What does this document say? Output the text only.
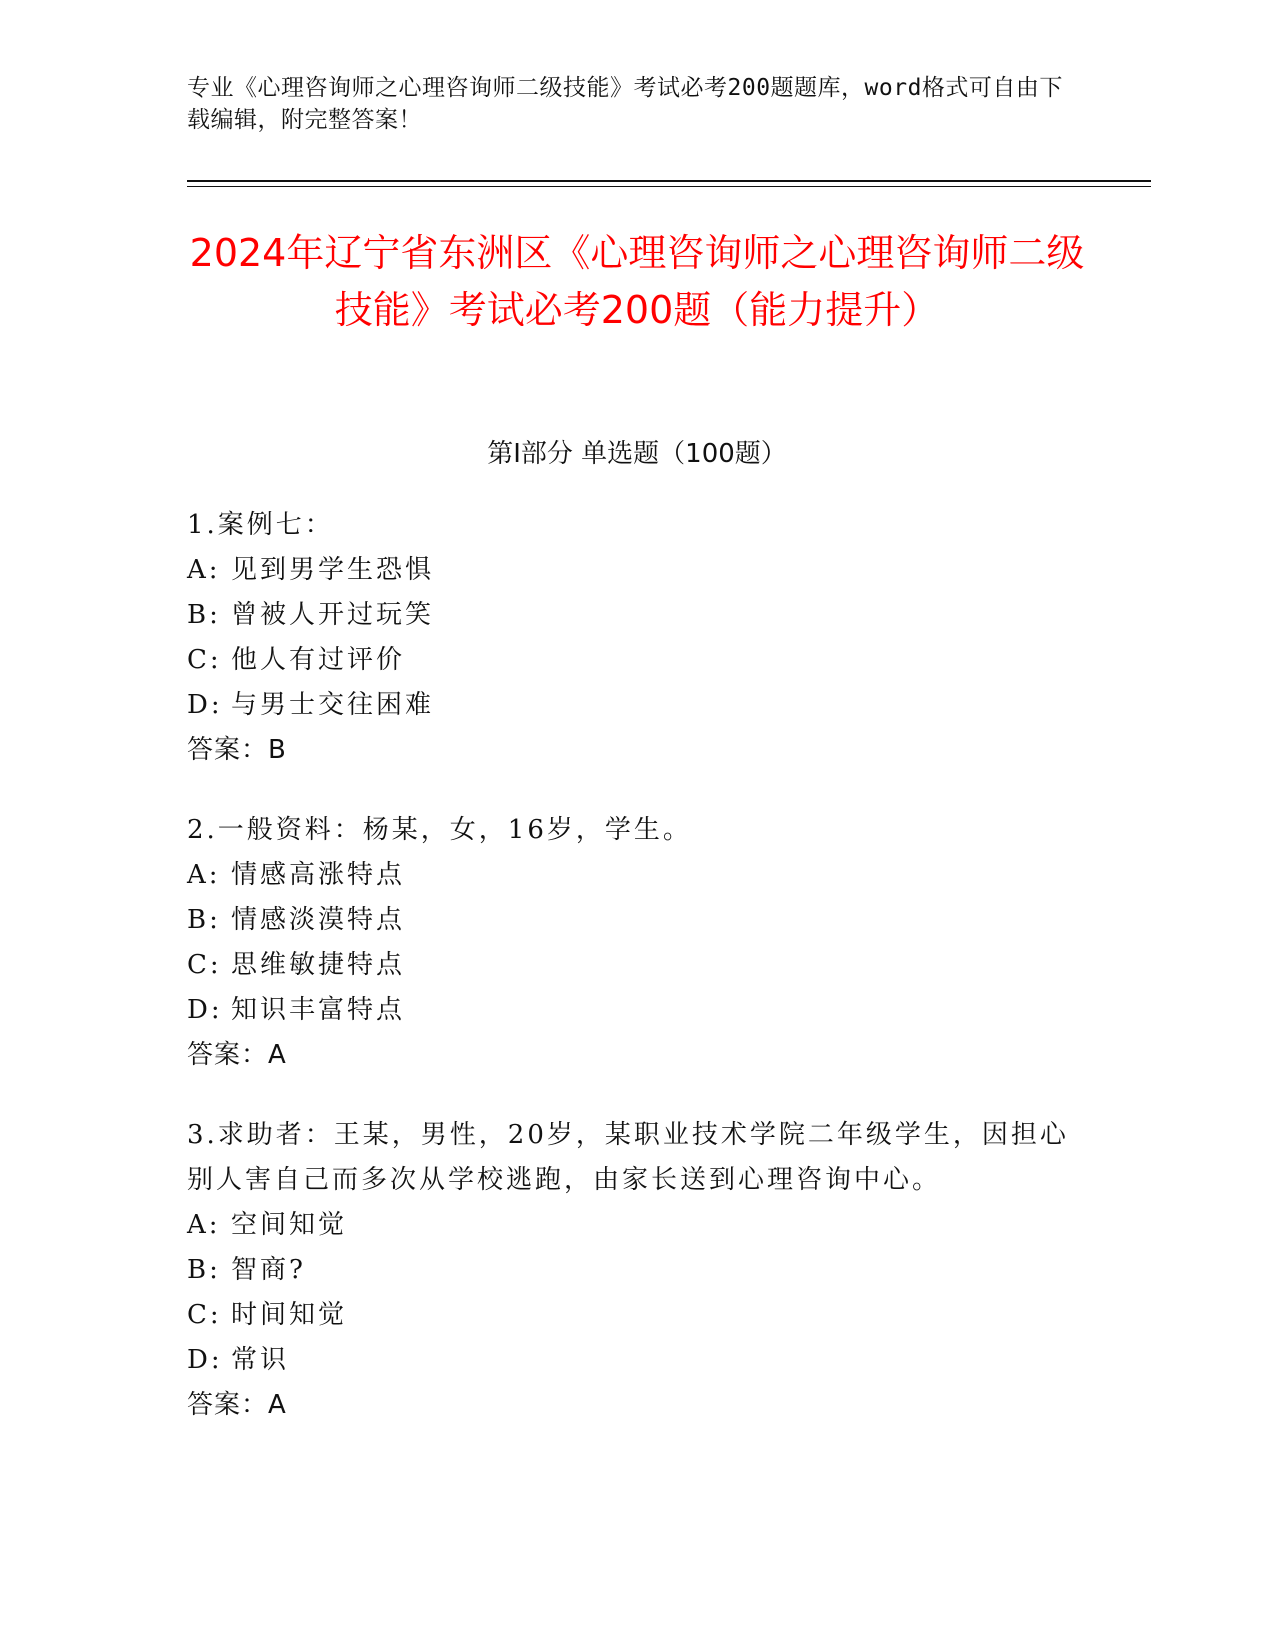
专业《心理咨询师之心理咨询师二级技能》考试必考200题题库，word格式可自由下载编辑，附完整答案！
2024年辽宁省东洲区《心理咨询师之心理咨询师二级技能》考试必考200题（能力提升）
第I部分 单选题（100题）
1.案例七：
A: 见到男学生恐惧
B: 曾被人开过玩笑
C: 他人有过评价
D: 与男士交往困难
答案：B
2.一般资料：杨某，女，16岁，学生。
A: 情感高涨特点
B: 情感淡漠特点
C: 思维敏捷特点
D: 知识丰富特点
答案：A
3.求助者：王某，男性，20岁，某职业技术学院二年级学生，因担心别人害自己而多次从学校逃跑，由家长送到心理咨询中心。
A: 空间知觉
B: 智商?
C: 时间知觉
D: 常识
答案：A
